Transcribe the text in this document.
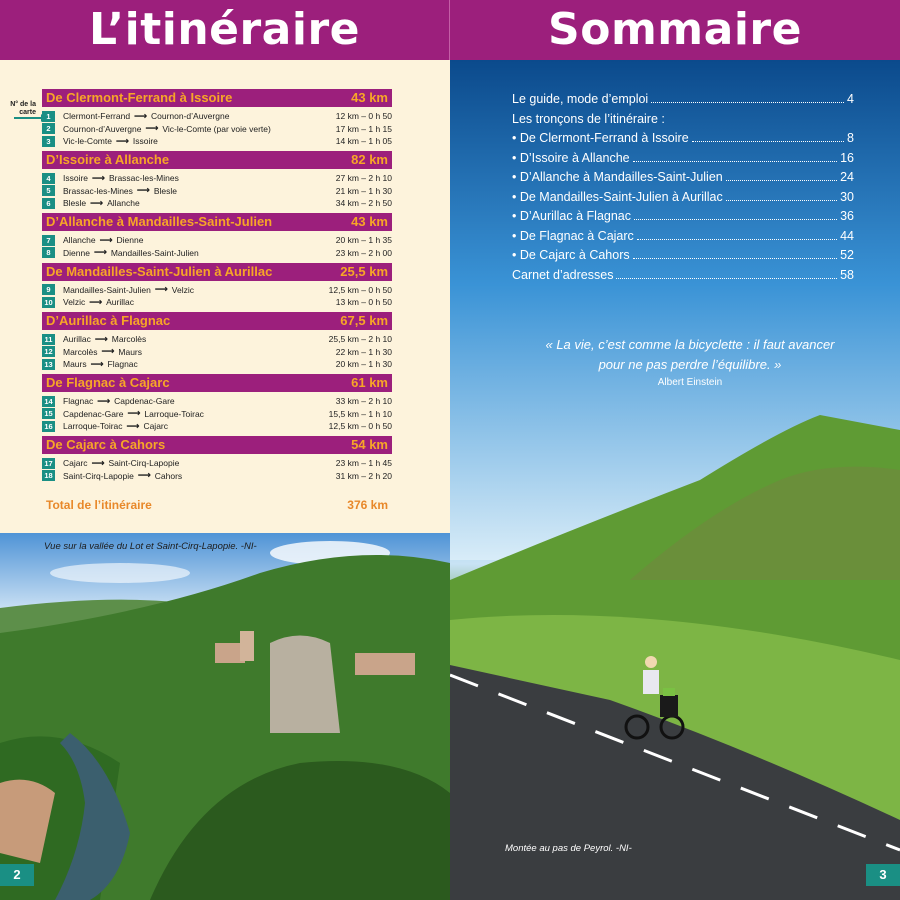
L’itinéraire
N° de la carte
De Clermont-Ferrand à Issoire	43 km
1	Clermont-Ferrand ⟶ Cournon-d’Auvergne	12 km – 0 h 50
2	Cournon-d’Auvergne ⟶ Vic-le-Comte (par voie verte)	17 km – 1 h 15
3	Vic-le-Comte ⟶ Issoire	14 km – 1 h 05
D’Issoire à Allanche	82 km
4	Issoire ⟶ Brassac-les-Mines	27 km – 2 h 10
5	Brassac-les-Mines ⟶ Blesle	21 km – 1 h 30
6	Blesle ⟶ Allanche	34 km – 2 h 50
D’Allanche à Mandailles-Saint-Julien	43 km
7	Allanche ⟶ Dienne	20 km – 1 h 35
8	Dienne ⟶ Mandailles-Saint-Julien	23 km – 2 h 00
De Mandailles-Saint-Julien à Aurillac	25,5 km
9	Mandailles-Saint-Julien ⟶ Velzic	12,5 km – 0 h 50
10 Velzic ⟶ Aurillac	13 km – 0 h 50
D’Aurillac à Flagnac	67,5 km
11 Aurillac ⟶ Marcolès	25,5 km – 2 h 10
12 Marcolès ⟶ Maurs	22 km – 1 h 30
13 Maurs ⟶ Flagnac	20 km – 1 h 30
De Flagnac à Cajarc	61 km
14 Flagnac ⟶ Capdenac-Gare	33 km – 2 h 10
15 Capdenac-Gare ⟶ Larroque-Toirac	15,5 km – 1 h 10
16 Larroque-Toirac ⟶ Cajarc	12,5 km – 0 h 50
De Cajarc à Cahors	54 km
17 Cajarc ⟶ Saint-Cirq-Lapopie	23 km – 1 h 45
18 Saint-Cirq-Lapopie ⟶ Cahors	31 km – 2 h 20
Total de l’itinéraire	376 km
Vue sur la vallée du Lot et Saint-Cirq-Lapopie. -NI-
2
Sommaire
Le guide, mode d’emploi	4
Les tronçons de l’itinéraire :
• De Clermont-Ferrand à Issoire	8
• D’Issoire à Allanche	16
• D’Allanche à Mandailles-Saint-Julien	24
• De Mandailles-Saint-Julien à Aurillac	30
• D’Aurillac à Flagnac	36
• De Flagnac à Cajarc	44
• De Cajarc à Cahors	52
Carnet d’adresses	58
« La vie, c’est comme la bicyclette : il faut avancer
pour ne pas perdre l’équilibre. »
Albert Einstein
Montée au pas de Peyrol. -NI-
3
